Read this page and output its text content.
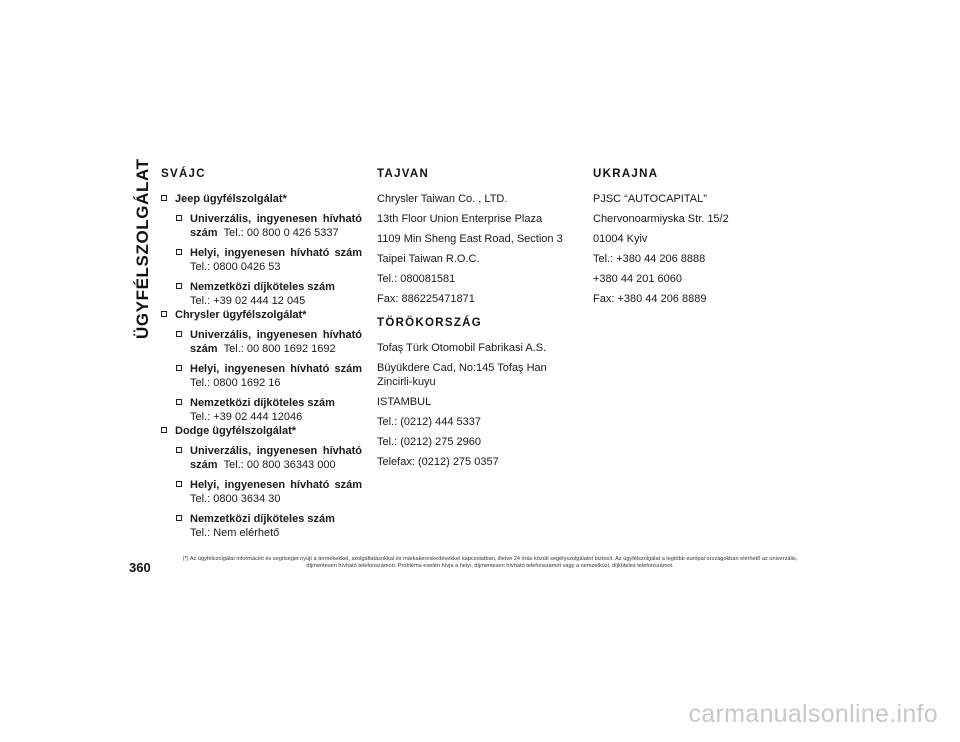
ÜGYFÉLSZOLGÁLAT SVÁJC
Jeep ügyfélszolgálat*
Univerzális, ingyenesen hívható
szám Tel.: 00 800 0 426 5337
Helyi, ingyenesen hívható szám
Tel.: 0800 0426 53
Nemzetközi díjköteles szám
Tel.: +39 02 444 12 045
Chrysler ügyfélszolgálat*
Univerzális, ingyenesen hívható
szám Tel.: 00 800 1692 1692
Helyi, ingyenesen hívható szám
Tel.: 0800 1692 16
Nemzetközi díjköteles szám
Tel.: +39 02 444 12046
Dodge ügyfélszolgálat*
Univerzális, ingyenesen hívható
szám Tel.: 00 800 36343 000
Helyi, ingyenesen hívható szám
Tel.: 0800 3634 30
Nemzetközi díjköteles szám
Tel.: Nem elérhető
TAJVAN

Chrysler Taiwan Co. , LTD.

13th Floor Union Enterprise Plaza

1109 Min Sheng East Road, Section 3

Taipei Taiwan R.O.C.

Tel.: 080081581

Fax: 886225471871

TÖRÖKORSZÁG

Tofaş Türk Otomobil Fabrikasi A.S.

Büyükdere Cad, No:145 Tofaş Han Zincirli-kuyu

ISTAMBUL

Tel.: (0212) 444 5337

Tel.: (0212) 275 2960

Telefax: (0212) 275 0357

UKRAJNA

PJSC “AUTOCAPITAL”

Chervonoarmiyska Str. 15/2

01004 Kyiv

Tel.: +380 44 206 8888

+380 44 201 6060

Fax: +380 44 206 8889

360
(*) Az ügyfélszolgálat információt és segítséget nyújt a termékekkel, szolgáltatásokkal és márkakereskedésekkel kapcsolatban, illetve 24 órás közúti segélyszolgálatot biztosít. Az ügyfélszolgálat a legtöbb európai országokban elérhető az univerzális, díjmentesen hívható telefonszámon. Probléma esetén hívja a helyi, díjmentesen hívható telefonszámot vagy a nemzetközi, díjköteles telefonszámot.
carmanualsonline.info
